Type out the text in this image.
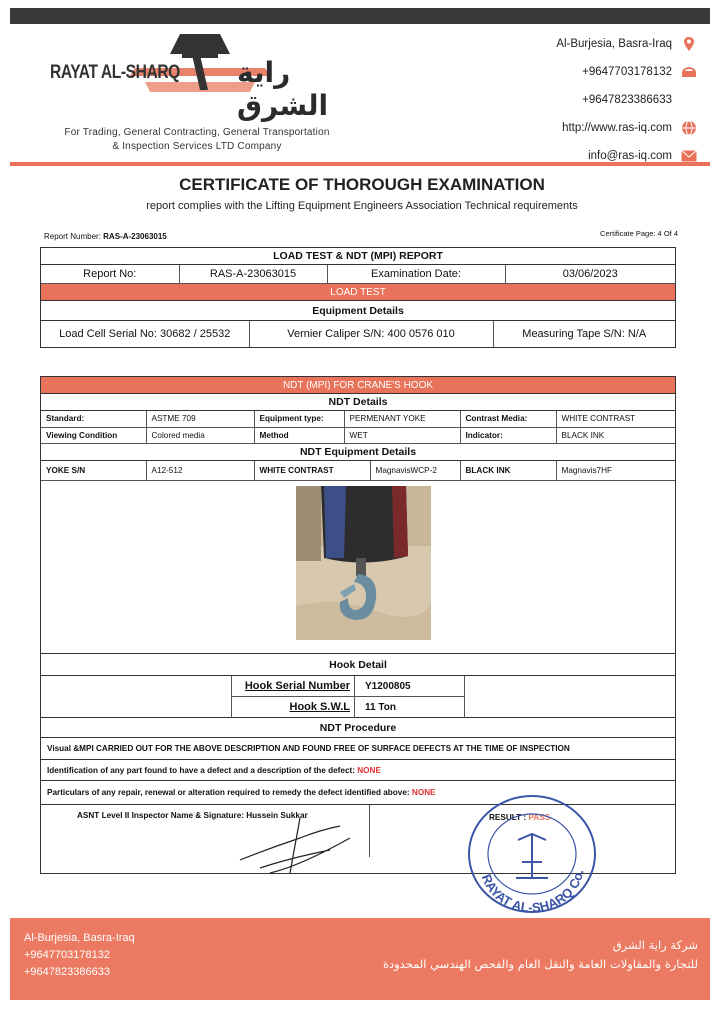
RAYAT AL-SHARQ راية الشرق
For Trading, General Contracting, General Transportation
& Inspection Services LTD Company
Al-Burjesia, Basra-Iraq
+9647703178132
+9647823386633
http://www.ras-iq.com
info@ras-iq.com
CERTIFICATE OF THOROUGH EXAMINATION
report complies with the Lifting Equipment Engineers Association Technical requirements
Report Number: RAS-A-23063015	Certificate Page: 4 Of 4
LOAD TEST & NDT (MPI) REPORT
Report No:	RAS-A-23063015	Examination Date:	03/06/2023
LOAD TEST
Equipment Details
Load Cell Serial No: 30682 / 25532	Vernier Caliper S/N: 400 0576 010	Measuring Tape S/N: N/A
NDT (MPI) FOR CRANE'S HOOK
NDT Details
Standard:	ASTME 709	Equipment type:	PERMENANT YOKE	Contrast Media:	WHITE CONTRAST
Viewing Condition	Colored media	Method	WET	Indicator:	BLACK INK
NDT Equipment Details
YOKE S/N	A12-512	WHITE CONTRAST	MagnavisWCP-2	BLACK INK	Magnavis7HF
Hook Detail
Hook Serial Number	Y1200805
Hook S.W.L	11 Ton
NDT Procedure
Visual &MPI CARRIED OUT FOR THE ABOVE DESCRIPTION AND FOUND FREE OF SURFACE DEFECTS AT THE TIME OF INSPECTION
Identification of any part found to have a defect and a description of the defect: NONE
Particulars of any repair, renewal or alteration required to remedy the defect identified above: NONE
ASNT Level II Inspector Name & Signature: Hussein Sukkar	RESULT : PASS
RAYAT AL-SHARQ Co.
Al-Burjesia, Basra-Iraq
+9647703178132
+9647823386633
شركة راية الشرق
للتجارة والمقاولات العامة والنقل العام والفحص الهندسي المحدودة
